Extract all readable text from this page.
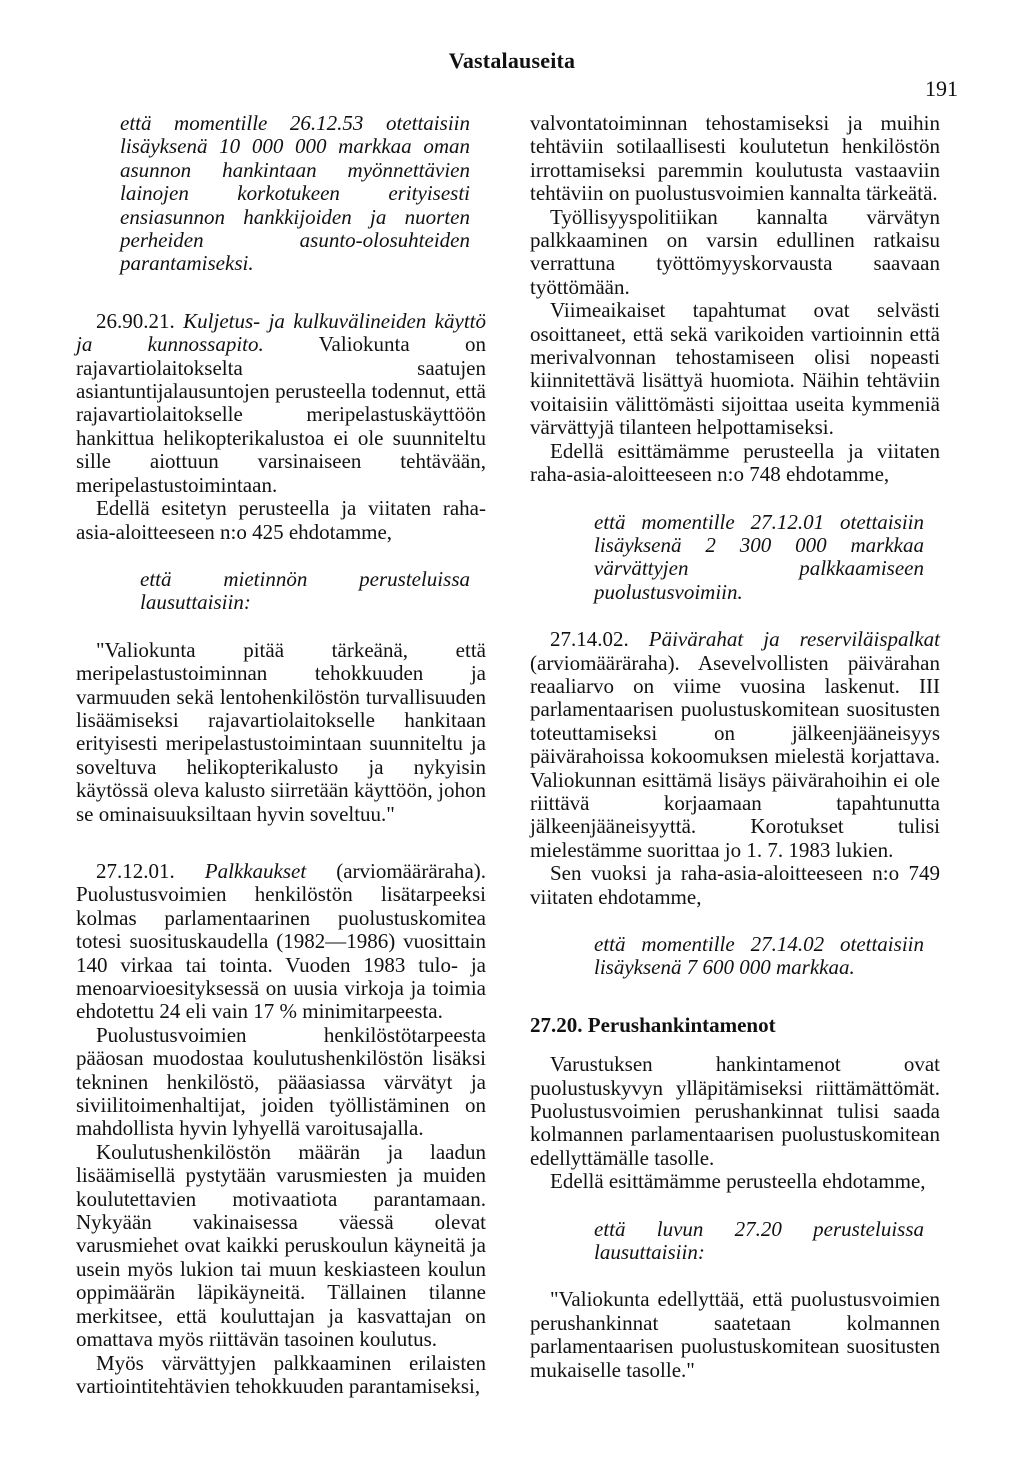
Vastalauseita
191

että momentille 26.12.53 otettaisiin lisäyksenä 10 000 000 markkaa oman asunnon hankintaan myönnettävien lainojen korkotukeen erityisesti ensiasunnon hankkijoiden ja nuorten perheiden asunto-olosuhteiden parantamiseksi.

26.90.21. Kuljetus- ja kulkuvälineiden käyttö ja kunnossapito.	Valiokunta on rajavartiolaitokselta saatujen asiantuntijalausuntojen perusteella todennut, että rajavartiolaitokselle meripelastuskäyttöön hankittua helikopterikalustoa ei ole suunniteltu sille aiottuun varsinaiseen tehtävään, meripelastustoimintaan.

Edellä esitetyn perusteella ja viitaten raha-asia-aloitteeseen n:o 425 ehdotamme,

että mietinnön perusteluissa lausuttaisiin:

"Valiokunta pitää tärkeänä, että meripelastustoiminnan tehokkuuden ja varmuuden sekä lentohenkilöstön turvallisuuden lisäämiseksi rajavartiolaitokselle hankitaan erityisesti meripelastustoimintaan suunniteltu ja soveltuva helikopterikalusto ja nykyisin käytössä oleva kalusto siirretään käyttöön, johon se ominaisuuksiltaan hyvin soveltuu."

27.12.01. Palkkaukset (arviomääräraha). Puolustusvoimien henkilöstön lisätarpeeksi kolmas parlamentaarinen puolustuskomitea totesi suosituskaudella (1982—1986) vuosittain 140 virkaa tai tointa. Vuoden 1983 tulo- ja menoarvioesityksessä on uusia virkoja ja toimia ehdotettu 24 eli vain 17 % minimitarpeesta.

Puolustusvoimien henkilöstötarpeesta pääosan muodostaa koulutushenkilöstön lisäksi tekninen henkilöstö, pääasiassa värvätyt ja siviilitoimenhaltijat, joiden työllistäminen on mahdollista hyvin lyhyellä varoitusajalla.

Koulutushenkilöstön määrän ja laadun lisäämisellä pystytään varusmiesten ja muiden koulutettavien motivaatiota parantamaan. Nykyään vakinaisessa väessä olevat varusmiehet ovat kaikki peruskoulun käyneitä ja usein myös lukion tai muun keskiasteen koulun oppimäärän läpikäyneitä. Tällainen tilanne merkitsee, että kouluttajan ja kasvattajan on omattava myös riittävän tasoinen koulutus.

Myös värvättyjen palkkaaminen erilaisten vartiointitehtävien tehokkuuden parantamiseksi,

valvontatoiminnan tehostamiseksi ja muihin tehtäviin sotilaallisesti koulutetun henkilöstön irrottamiseksi paremmin koulutusta vastaaviin tehtäviin on puolustusvoimien kannalta tärkeätä.

Työllisyyspolitiikan kannalta värvätyn palkkaaminen on varsin edullinen ratkaisu verrattuna työttömyyskorvausta saavaan työttömään.

Viimeaikaiset tapahtumat ovat selvästi osoittaneet, että sekä varikoiden vartioinnin että merivalvonnan tehostamiseen olisi nopeasti kiinnitettävä lisättyä huomiota. Näihin tehtäviin voitaisiin välittömästi sijoittaa useita kymmeniä värvättyjä tilanteen helpottamiseksi.

Edellä esittämämme perusteella ja viitaten raha-asia-aloitteeseen n:o 748 ehdotamme,

että momentille 27.12.01 otettaisiin lisäyksenä 2 300 000 markkaa värvättyjen palkkaamiseen puolustusvoimiin.

27.14.02. Päivärahat ja reserviläispalkat (arviomääräraha). Asevelvollisten päivärahan reaaliarvo on viime vuosina laskenut. III parlamentaarisen puolustuskomitean suositusten toteuttamiseksi on jälkeenjääneisyys päivärahoissa kokoomuksen mielestä korjattava. Valiokunnan esittämä lisäys päivärahoihin ei ole riittävä korjaamaan tapahtunutta jälkeenjääneisyyttä. Korotukset tulisi mielestämme suorittaa jo 1. 7. 1983 lukien.

Sen vuoksi ja raha-asia-aloitteeseen n:o 749 viitaten ehdotamme,

että momentille 27.14.02 otettaisiin lisäyksenä 7 600 000 markkaa.

27.20. Perushankintamenot

Varustuksen hankintamenot ovat puolustuskyvyn ylläpitämiseksi riittämättömät. Puolustusvoimien perushankinnat tulisi saada kolmannen parlamentaarisen puolustuskomitean edellyttämälle tasolle.

Edellä esittämämme perusteella ehdotamme,

että luvun 27.20 perusteluissa lausuttaisiin:

"Valiokunta edellyttää, että puolustusvoimien perushankinnat saatetaan kolmannen parlamentaarisen puolustuskomitean suositusten mukaiselle tasolle."
